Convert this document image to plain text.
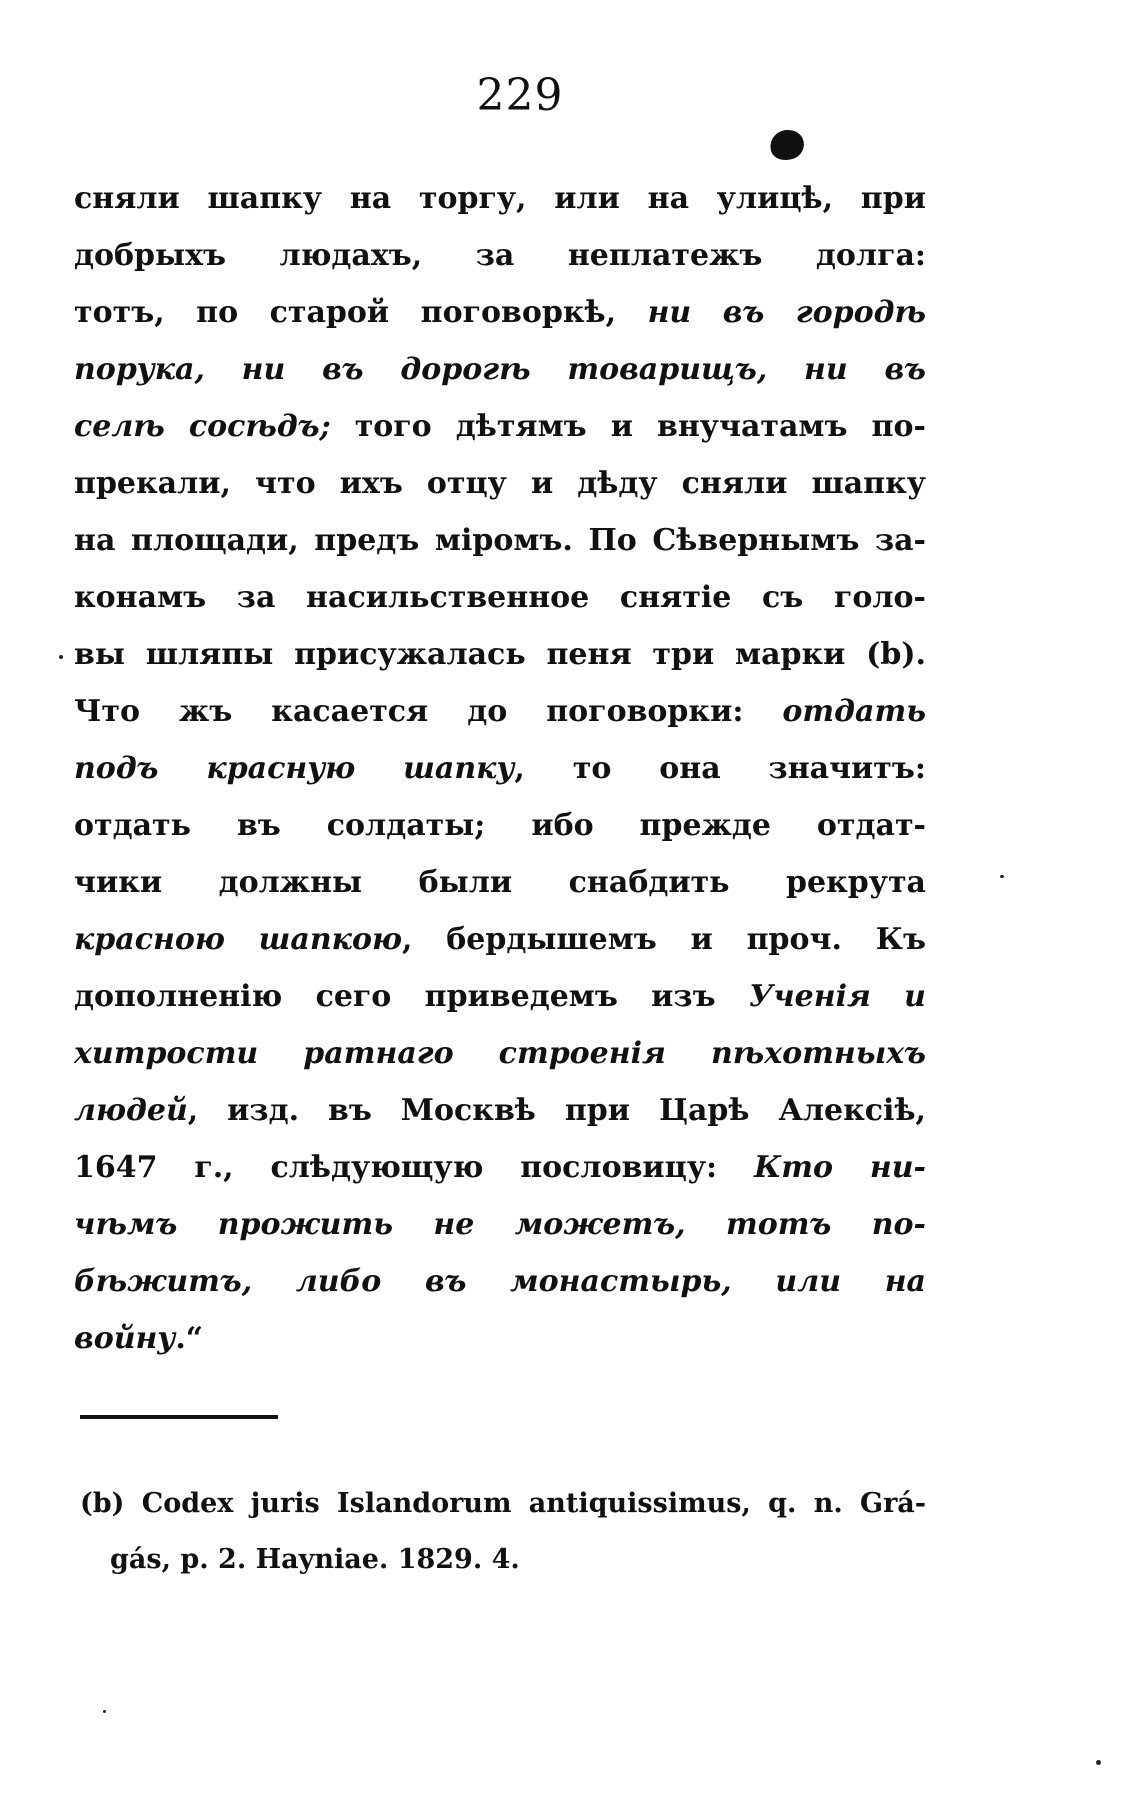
229
сняли шапку на торгу, или на улицѣ, при
добрыхъ людахъ, за неплатежъ долга:
тотъ, по старой поговоркѣ, ни въ городѣ
порука, ни въ дорогѣ товарищъ, ни въ
селѣ сосѣдъ; того дѣтямъ и внучатамъ по-
прекали, что ихъ отцу и дѣду сняли шапку
на площади, предъ міромъ. По Сѣвернымъ за-
конамъ за насильственное снятіе съ голо-
вы шляпы присужалась пеня три марки (b).
Что жъ касается до поговорки: отдать
подъ красную шапку, то она значитъ:
отдать въ солдаты; ибо прежде отдат-
чики должны были снабдить рекрута
красною шапкою, бердышемъ и проч. Къ
дополненію сего приведемъ изъ Ученія и
хитрости ратнаго строенія пѣхотныхъ
людей, изд. въ Москвѣ при Царѣ Алексіѣ,
1647 г., слѣдующую пословицу: Кто ни-
чѣмъ прожить не можетъ, тотъ по-
бѣжитъ, либо въ монастырь, или на
войну.“
(b) Codex juris Islandorum antiquissimus, q. n. Grá-
gás, p. 2. Hayniae. 1829. 4.
